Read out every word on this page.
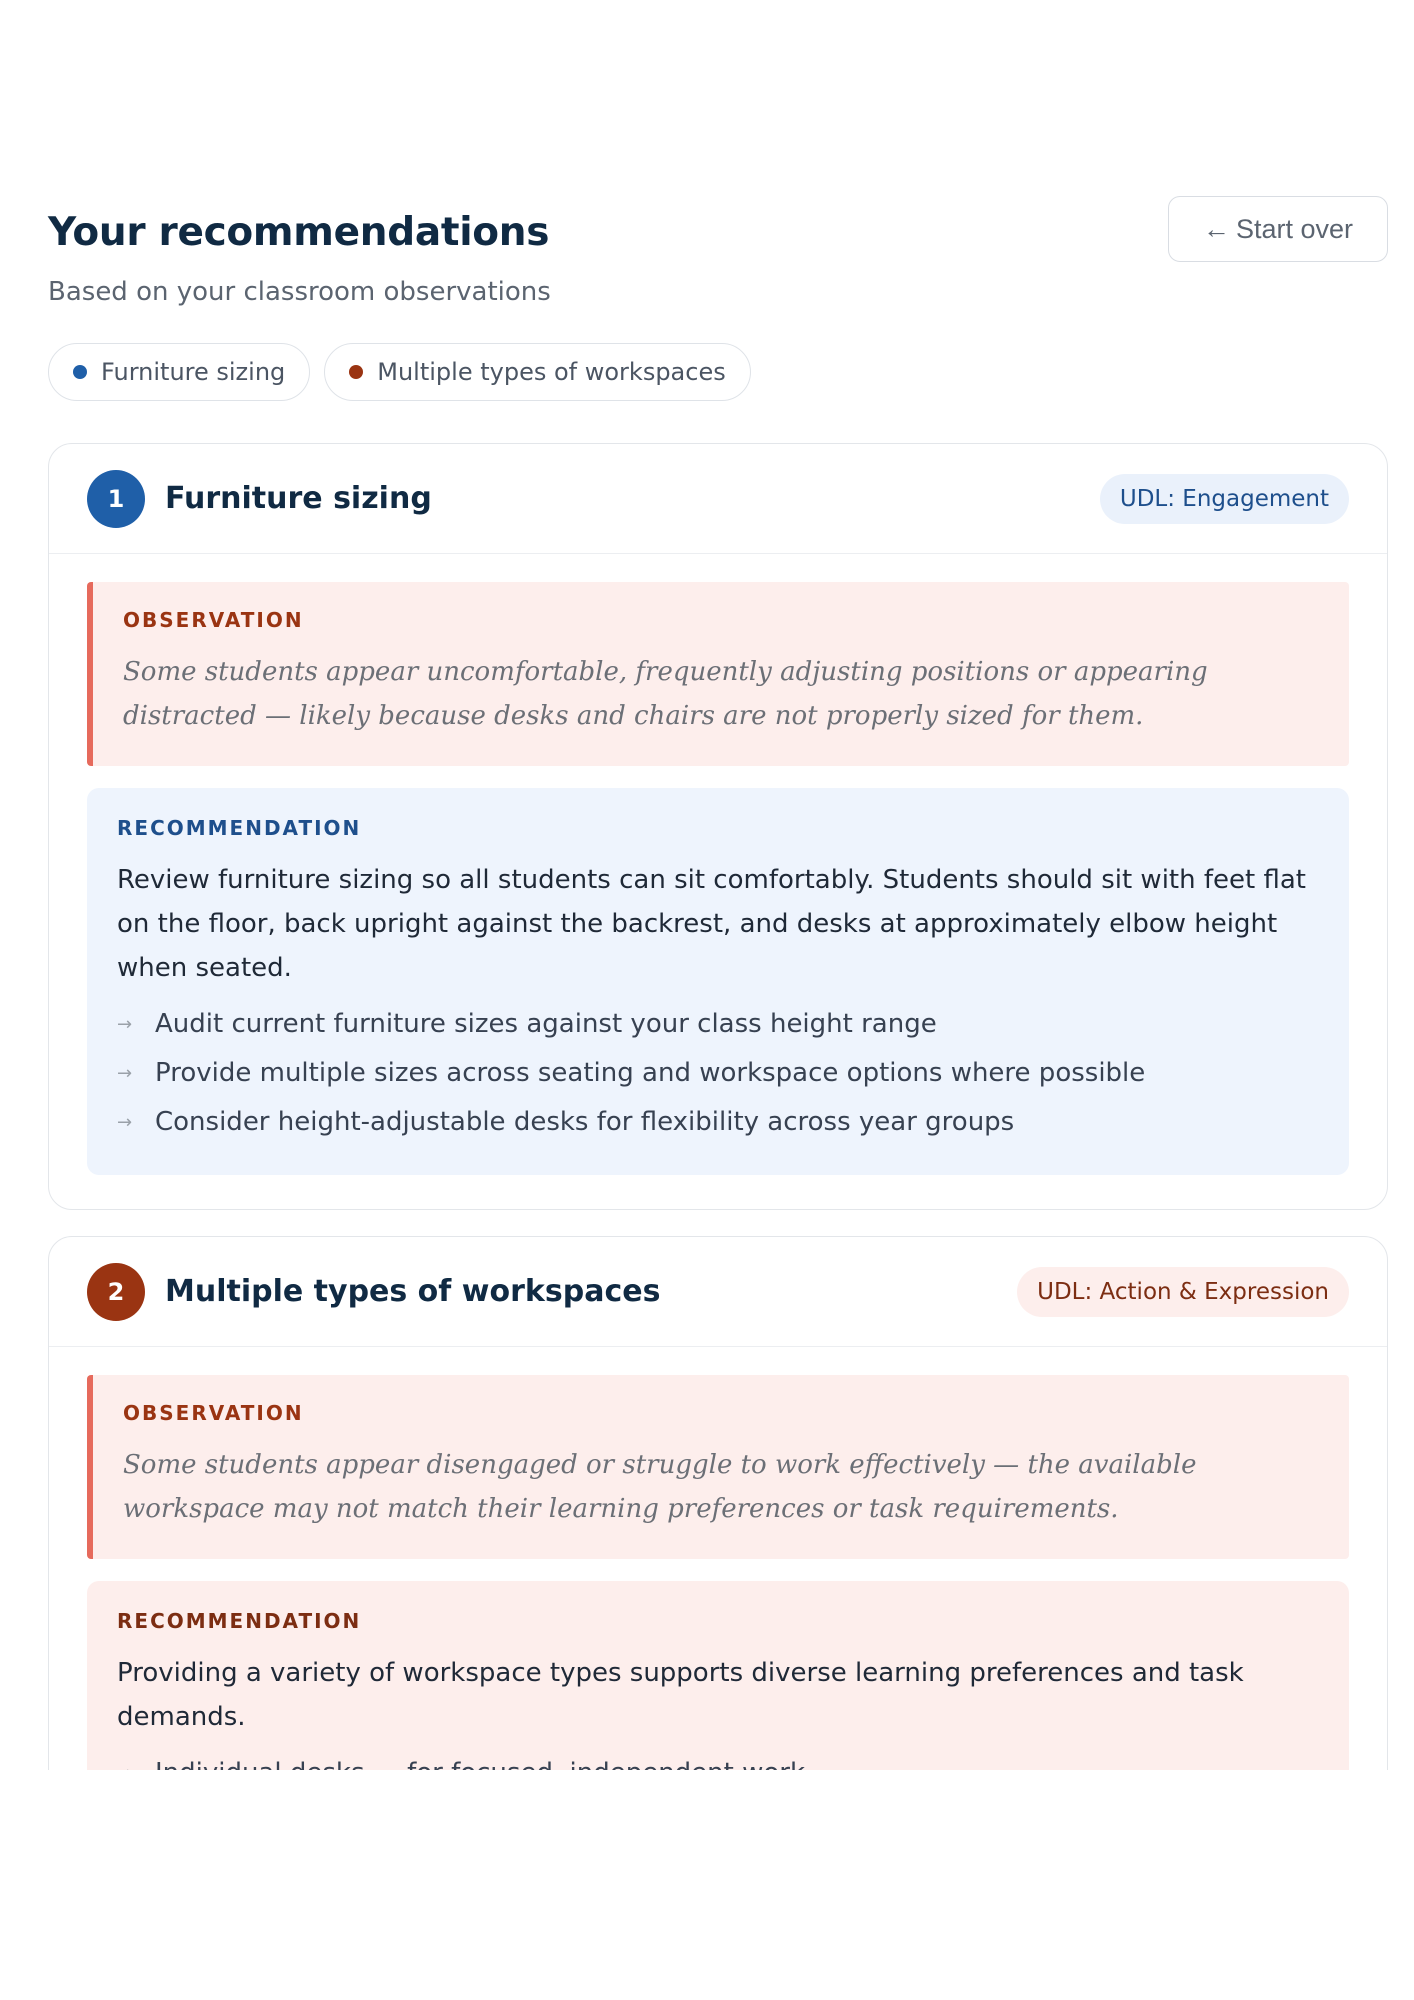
Your recommendations

Based on your classroom observations

← Start over
Furniture sizing	Multiple types of workspaces
1	Furniture sizing	UDL: Engagement
OBSERVATION
Some students appear uncomfortable, frequently adjusting positions or appearing distracted — likely because desks and chairs are not properly sized for them.
RECOMMENDATION
Review furniture sizing so all students can sit comfortably. Students should sit with feet flat on the floor, back upright against the backrest, and desks at approximately elbow height when seated.
→ Audit current furniture sizes against your class height range
→ Provide multiple sizes across seating and workspace options where possible
→ Consider height-adjustable desks for flexibility across year groups
2	Multiple types of workspaces	UDL: Action & Expression
OBSERVATION
Some students appear disengaged or struggle to work effectively — the available workspace may not match their learning preferences or task requirements.
RECOMMENDATION
Providing a variety of workspace types supports diverse learning preferences and task demands.
